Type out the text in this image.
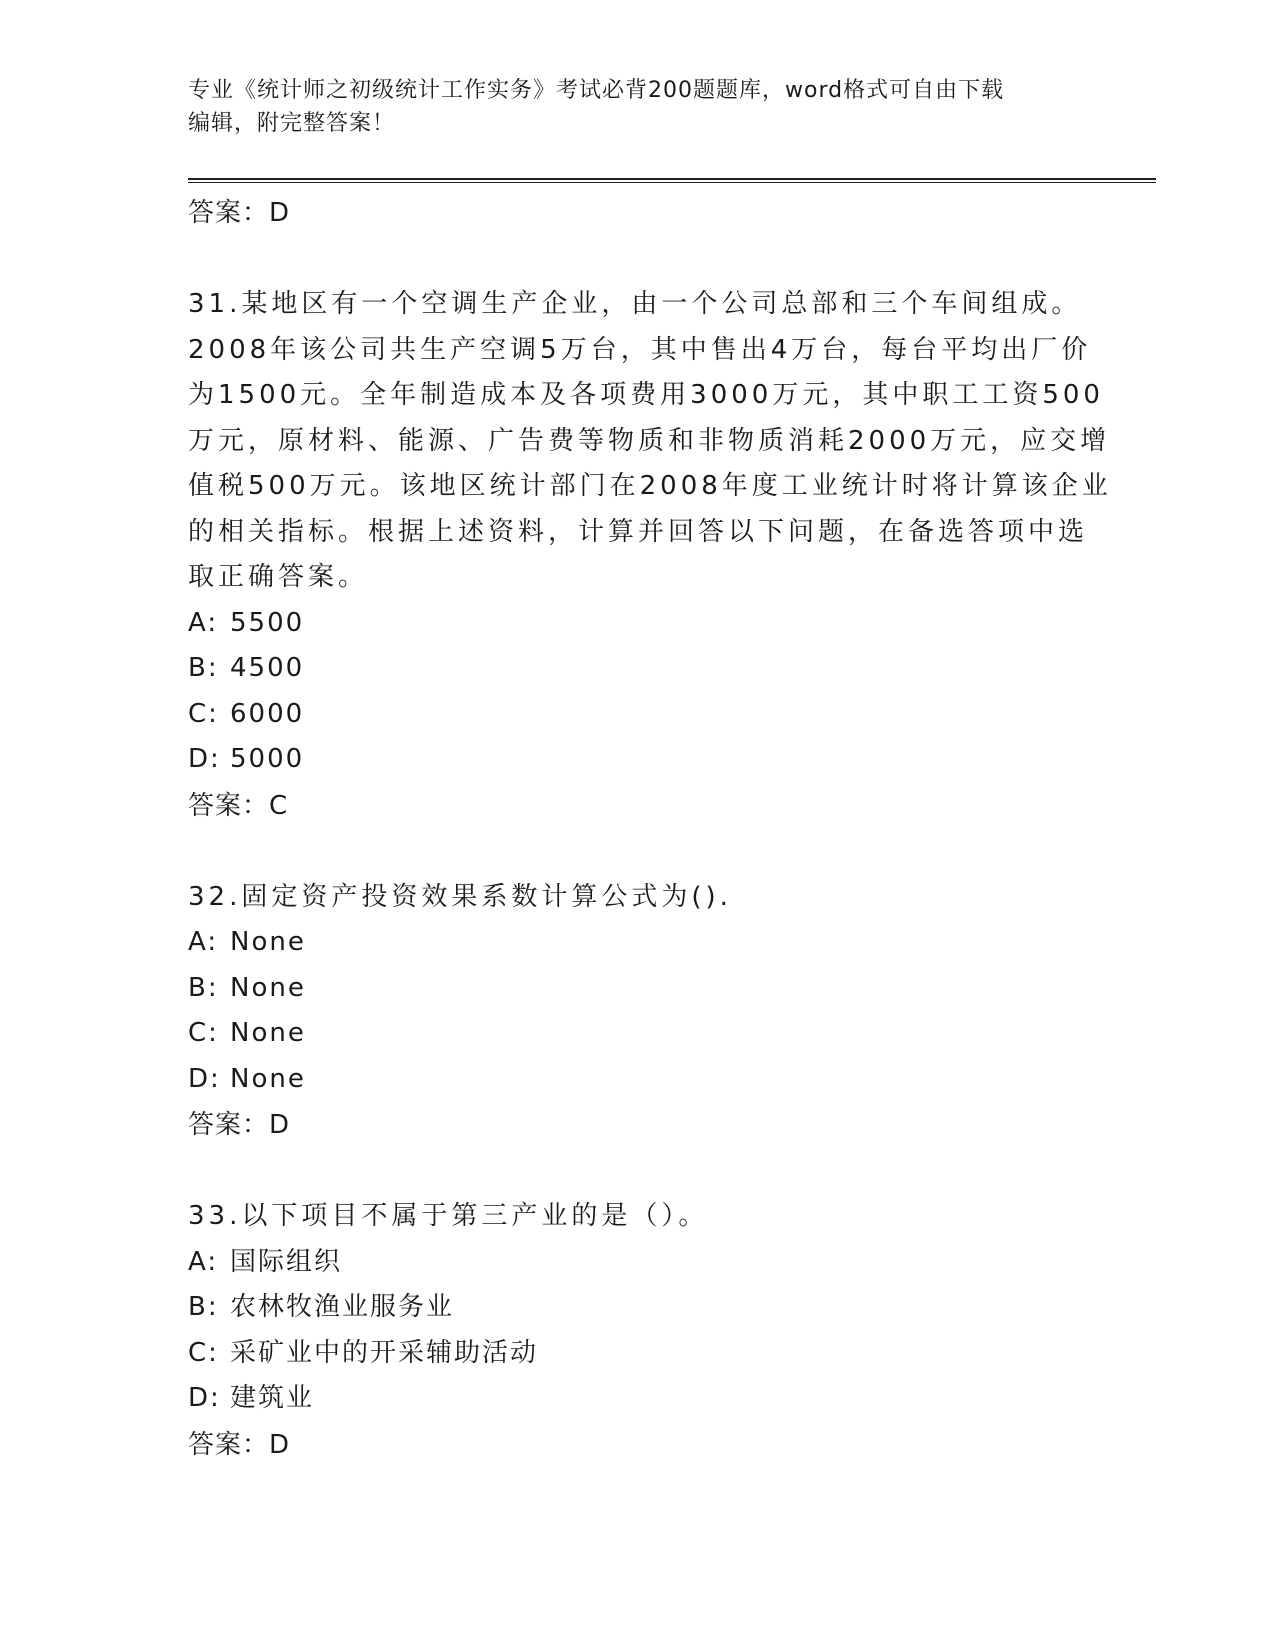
专业《统计师之初级统计工作实务》考试必背200题题库，word格式可自由下载
编辑，附完整答案！
答案：D
31.某地区有一个空调生产企业，由一个公司总部和三个车间组成。
2008年该公司共生产空调5万台，其中售出4万台，每台平均出厂价
为1500元。全年制造成本及各项费用3000万元，其中职工工资500
万元，原材料、能源、广告费等物质和非物质消耗2000万元，应交增
值税500万元。该地区统计部门在2008年度工业统计时将计算该企业
的相关指标。根据上述资料，计算并回答以下问题，在备选答项中选
取正确答案。
A: 5500
B: 4500
C: 6000
D: 5000
答案：C
32.固定资产投资效果系数计算公式为().
A: None
B: None
C: None
D: None
答案：D
33.以下项目不属于第三产业的是（）。
A: 国际组织
B: 农林牧渔业服务业
C: 采矿业中的开采辅助活动
D: 建筑业
答案：D
